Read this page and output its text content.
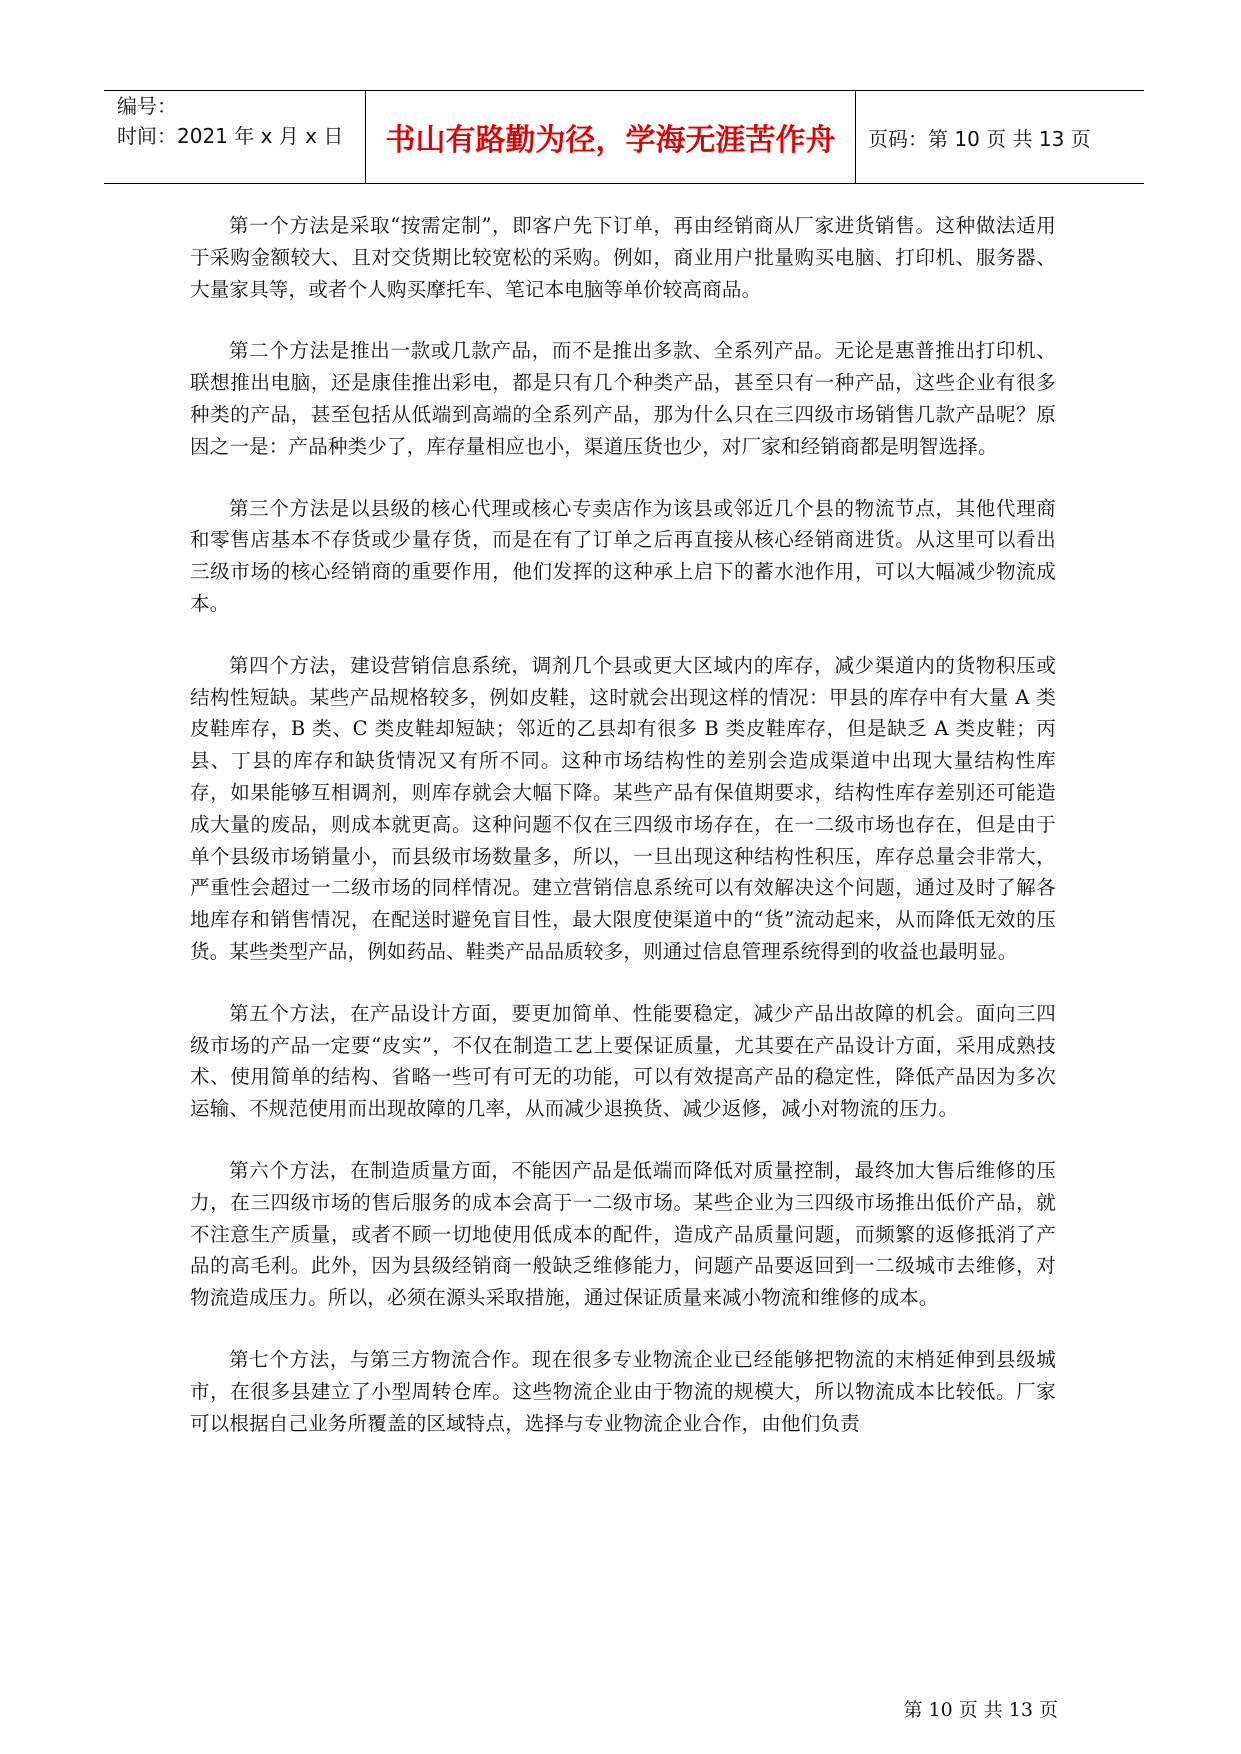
编号：
时间：2021 年 x 月 x 日	书山有路勤为径，学海无涯苦作舟	页码：第 10 页 共 13 页

第一个方法是采取“按需定制”，即客户先下订单，再由经销商从厂家进货销售。这种做法适用于采购金额较大、且对交货期比较宽松的采购。例如，商业用户批量购买电脑、打印机、服务器、大量家具等，或者个人购买摩托车、笔记本电脑等单价较高商品。

第二个方法是推出一款或几款产品，而不是推出多款、全系列产品。无论是惠普推出打印机、联想推出电脑，还是康佳推出彩电，都是只有几个种类产品，甚至只有一种产品，这些企业有很多种类的产品，甚至包括从低端到高端的全系列产品，那为什么只在三四级市场销售几款产品呢？原因之一是：产品种类少了，库存量相应也小，渠道压货也少，对厂家和经销商都是明智选择。

第三个方法是以县级的核心代理或核心专卖店作为该县或邻近几个县的物流节点，其他代理商和零售店基本不存货或少量存货，而是在有了订单之后再直接从核心经销商进货。从这里可以看出三级市场的核心经销商的重要作用，他们发挥的这种承上启下的蓄水池作用，可以大幅减少物流成本。

第四个方法，建设营销信息系统，调剂几个县或更大区域内的库存，减少渠道内的货物积压或结构性短缺。某些产品规格较多，例如皮鞋，这时就会出现这样的情况：甲县的库存中有大量 A 类皮鞋库存，B 类、C 类皮鞋却短缺；邻近的乙县却有很多 B 类皮鞋库存，但是缺乏 A 类皮鞋；丙县、丁县的库存和缺货情况又有所不同。这种市场结构性的差别会造成渠道中出现大量结构性库存，如果能够互相调剂，则库存就会大幅下降。某些产品有保值期要求，结构性库存差别还可能造成大量的废品，则成本就更高。这种问题不仅在三四级市场存在，在一二级市场也存在，但是由于单个县级市场销量小，而县级市场数量多，所以，一旦出现这种结构性积压，库存总量会非常大，严重性会超过一二级市场的同样情况。建立营销信息系统可以有效解决这个问题，通过及时了解各地库存和销售情况，在配送时避免盲目性，最大限度使渠道中的“货”流动起来，从而降低无效的压货。某些类型产品，例如药品、鞋类产品品质较多，则通过信息管理系统得到的收益也最明显。

第五个方法，在产品设计方面，要更加简单、性能要稳定，减少产品出故障的机会。面向三四级市场的产品一定要“皮实”，不仅在制造工艺上要保证质量，尤其要在产品设计方面，采用成熟技术、使用简单的结构、省略一些可有可无的功能，可以有效提高产品的稳定性，降低产品因为多次运输、不规范使用而出现故障的几率，从而减少退换货、减少返修，减小对物流的压力。

第六个方法，在制造质量方面，不能因产品是低端而降低对质量控制，最终加大售后维修的压力，在三四级市场的售后服务的成本会高于一二级市场。某些企业为三四级市场推出低价产品，就不注意生产质量，或者不顾一切地使用低成本的配件，造成产品质量问题，而频繁的返修抵消了产品的高毛利。此外，因为县级经销商一般缺乏维修能力，问题产品要返回到一二级城市去维修，对物流造成压力。所以，必须在源头采取措施，通过保证质量来减小物流和维修的成本。

第七个方法，与第三方物流合作。现在很多专业物流企业已经能够把物流的末梢延伸到县级城市，在很多县建立了小型周转仓库。这些物流企业由于物流的规模大，所以物流成本比较低。厂家可以根据自己业务所覆盖的区域特点，选择与专业物流企业合作，由他们负责

第 10 页 共 13 页
